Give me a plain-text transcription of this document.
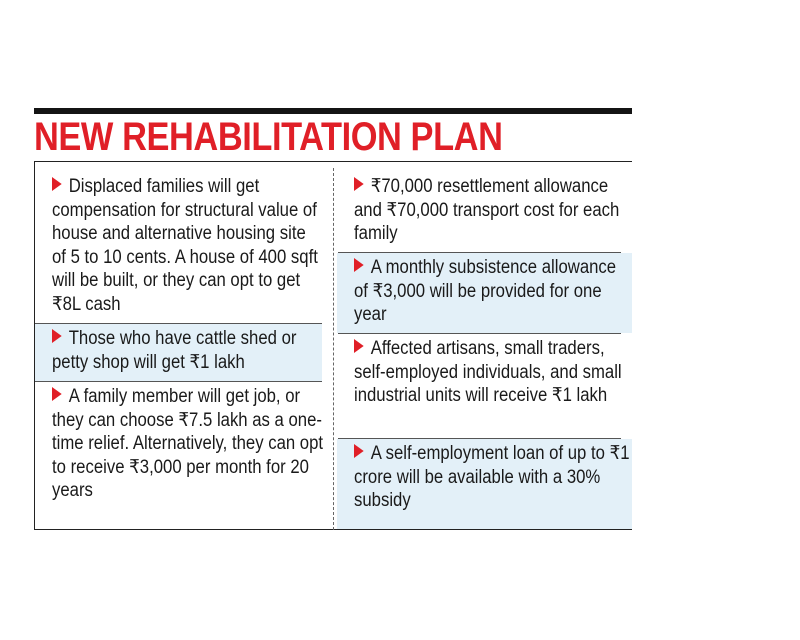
NEW REHABILITATION PLAN
Displaced families will get compensation for structural value of house and alternative housing site of 5 to 10 cents. A house of 400 sqft will be built, or they can opt to get ₹8L cash
Those who have cattle shed or petty shop will get ₹1 lakh
A family member will get job, or they can choose ₹7.5 lakh as a one-time relief. Alternatively, they can opt to receive ₹3,000 per month for 20 years
₹70,000 resettlement allowance and ₹70,000 transport cost for each family
A monthly subsistence allowance of ₹3,000 will be provided for one year
Affected artisans, small traders, self-employed individuals, and small industrial units will receive ₹1 lakh
A self-employment loan of up to ₹1 crore will be available with a 30% subsidy
